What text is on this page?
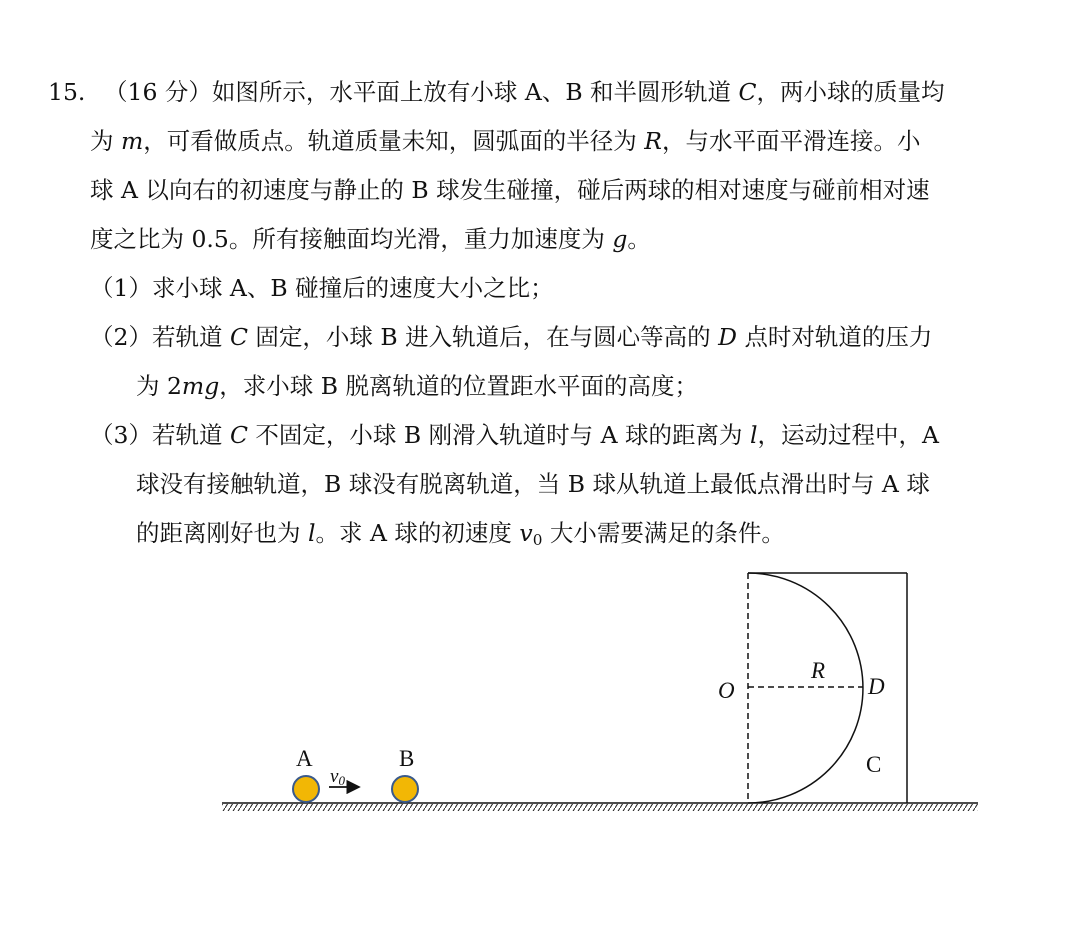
15. （16 分）如图所示，水平面上放有小球 A、B 和半圆形轨道 C，两小球的质量均
为 m，可看做质点。轨道质量未知，圆弧面的半径为 R，与水平面平滑连接。小
球 A 以向右的初速度与静止的 B 球发生碰撞，碰后两球的相对速度与碰前相对速
度之比为 0.5。所有接触面均光滑，重力加速度为 g。
（1）求小球 A、B 碰撞后的速度大小之比；
（2）若轨道 C 固定，小球 B 进入轨道后，在与圆心等高的 D 点时对轨道的压力
为 2mg，求小球 B 脱离轨道的位置距水平面的高度；
（3）若轨道 C 不固定，小球 B 刚滑入轨道时与 A 球的距离为 l，运动过程中，A
球没有接触轨道，B 球没有脱离轨道，当 B 球从轨道上最低点滑出时与 A 球
的距离刚好也为 l。求 A 球的初速度 $v_0$ 大小需要满足的条件。
A
v0
B
O
R
D
C
